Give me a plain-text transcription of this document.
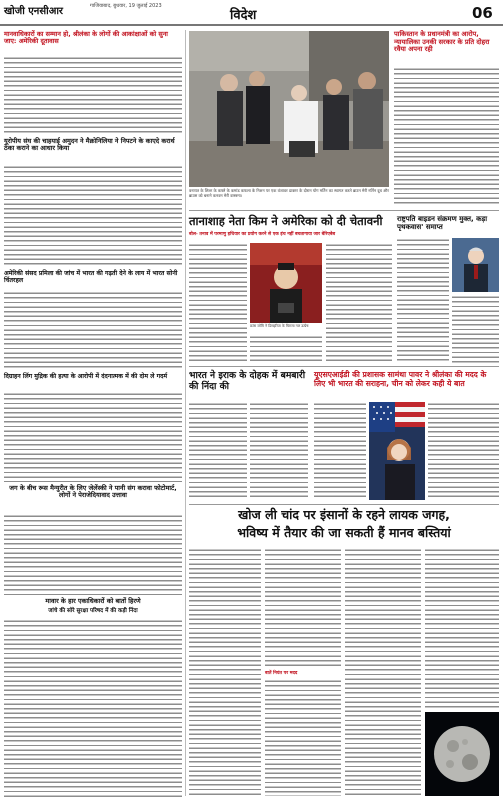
खोजी एनसीआर	गाजियाबाद, बुधवार, 19 जुलाई 2023
विदेश	06
मानवाधिकारों का सम्मान हो, श्रीलंका के लोगों की आकांक्षाओं को सुना जाए: अमेरिकी दूतावास
यूरोपीय संघ की चाहयाई अमुदन ने मैक्रोनिलिया ने निपटने के काएदे करार्थ ठेका कराने का आधार किया
अमेरिकी संसद प्रमिला की जांच में भारत की गढ़ती देने के लाय में भारत सोनी चिंतरहल
दिग्राहन लिंग मुद्रिक की हत्या के आरोपी में दंदनात्मक में की दोम ले गदर्म
जग के बीच रूस मैन्युरीत के लिए जेलेंस्की ने पानी संग करावा फोटोमार्ट, लोगों ने पेराजेदियावाद उत्तावा
मावार के हार एकाधिकारों को बातों हिरणे
जांचे की सोरे सुरक्षा परिषद में की कड़ी निंदा
वनायत के शिल्ट के कफ्ते के कमांड कफला के निशन पर एक वंजावर डाक्टर के दोरान योग मर्टिन का स्वागत करते ब्राउन मेरी नर्तिन दूध और ब्राउस को बनाने कनवन मेरी वास्त्रमा।
पाकिस्तान के प्रधानमंत्री का आरोप, न्यायालिका उनकी सरकार के प्रति दोहरा रवैया अपना रही
तानाशाह नेता किम ने अमेरिका को दी चेतावनी
बोल- तनाव में परमाणु हथियार का प्रयोग करने से एक इंच नहीं बचतागाया जार बेरिएबेब
फ्रांस जोमि ने डिसहरिता के चिरामा गल उत्प्रेष
राष्ट्रपति बाइडन संक्रमण मुक्त, कड़ा पृथकवास' समाप्त
भारत ने इराक के दोहक में बमबारी की निंदा की
यूएसएआईडी की प्रशासक सामंथा पावर ने श्रीलंका की मदद के लिए भी भारत की सराहना, चीन को लेकर कही ये बात
खोज ली चांद पर इंसानों के रहने लायक जगह,
भविष्य में तैयार की जा सकती हैं मानव बस्तियां
बातें नियंत पर मदद
